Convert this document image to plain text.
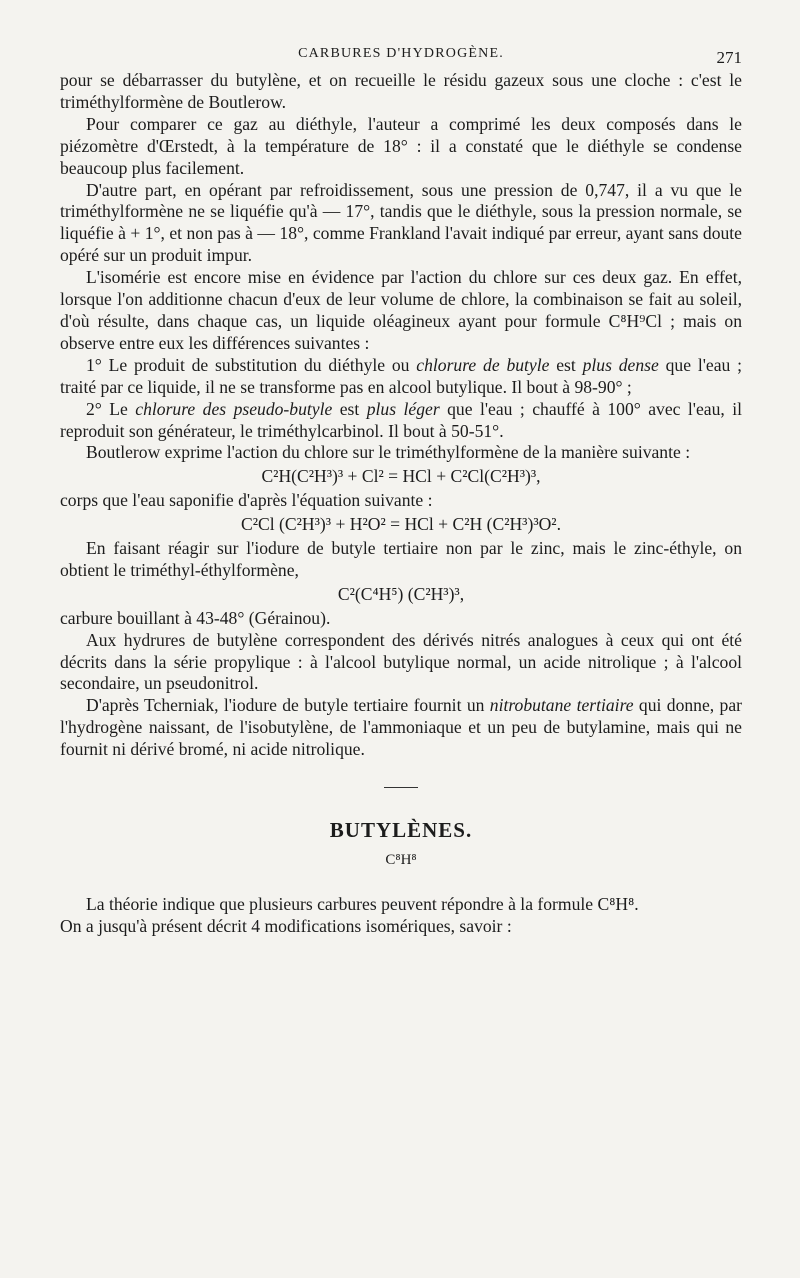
CARBURES D'HYDROGÈNE.	271

pour se débarrasser du butylène, et on recueille le résidu gazeux sous une cloche : c'est le triméthylformène de Boutlerow.

Pour comparer ce gaz au diéthyle, l'auteur a comprimé les deux composés dans le piézomètre d'Œrstedt, à la température de 18° : il a constaté que le diéthyle se condense beaucoup plus facilement.

D'autre part, en opérant par refroidissement, sous une pression de 0,747, il a vu que le triméthylformène ne se liquéfie qu'à — 17°, tandis que le diéthyle, sous la pression normale, se liquéfie à + 1°, et non pas à — 18°, comme Frankland l'avait indiqué par erreur, ayant sans doute opéré sur un produit impur.

L'isomérie est encore mise en évidence par l'action du chlore sur ces deux gaz. En effet, lorsque l'on additionne chacun d'eux de leur volume de chlore, la combinaison se fait au soleil, d'où résulte, dans chaque cas, un liquide oléagineux ayant pour formule C⁸H⁹Cl ; mais on observe entre eux les différences suivantes :

1° Le produit de substitution du diéthyle ou chlorure de butyle est plus dense que l'eau ; traité par ce liquide, il ne se transforme pas en alcool butylique. Il bout à 98-90° ;

2° Le chlorure des pseudo-butyle est plus léger que l'eau ; chauffé à 100° avec l'eau, il reproduit son générateur, le triméthylcarbinol. Il bout à 50-51°.

Boutlerow exprime l'action du chlore sur le triméthylformène de la manière suivante :

C²H(C²H³)³ + Cl² = HCl + C²Cl(C²H³)³,

corps que l'eau saponifie d'après l'équation suivante :

C²Cl (C²H³)³ + H²O² = HCl + C²H (C²H³)³O².

En faisant réagir sur l'iodure de butyle tertiaire non par le zinc, mais le zinc-éthyle, on obtient le triméthyl-éthylformène,

C²(C⁴H⁵) (C²H³)³,

carbure bouillant à 43-48° (Gérainou).

Aux hydrures de butylène correspondent des dérivés nitrés analogues à ceux qui ont été décrits dans la série propylique : à l'alcool butylique normal, un acide nitrolique ; à l'alcool secondaire, un pseudonitrol.

D'après Tcherniak, l'iodure de butyle tertiaire fournit un nitrobutane tertiaire qui donne, par l'hydrogène naissant, de l'isobutylène, de l'ammoniaque et un peu de butylamine, mais qui ne fournit ni dérivé bromé, ni acide nitrolique.

BUTYLÈNES.
C⁸H⁸

La théorie indique que plusieurs carbures peuvent répondre à la formule C⁸H⁸.

On a jusqu'à présent décrit 4 modifications isomériques, savoir :
